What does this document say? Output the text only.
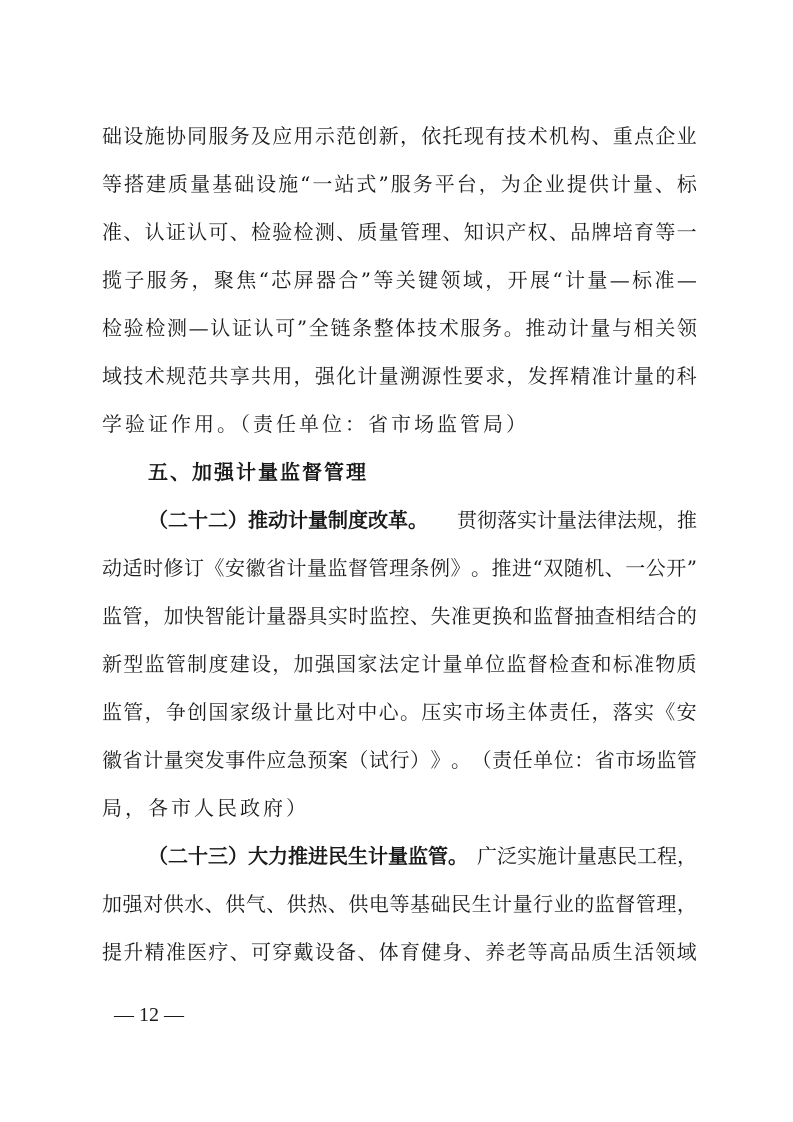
础 设 施 协 同 服 务 及 应 用 示 范 创 新 ， 依 托 现 有 技 术 机 构 、 重 点 企 业
等 搭 建 质 量 基 础 设 施 “ 一 站 式 ” 服 务 平 台 ， 为 企 业 提 供 计 量 、 标
准 、 认 证 认 可 、 检 验 检 测 、 质 量 管 理 、 知 识 产 权 、 品 牌 培 育 等 一
揽 子 服 务 ， 聚 焦 “ 芯 屏 器 合 ” 等 关 键 领 域 ， 开 展 “ 计 量 — 标 准 —
检 验 检 测 — 认 证 认 可 ” 全 链 条 整 体 技 术 服 务 。 推 动 计 量 与 相 关 领
域 技 术 规 范 共 享 共 用 ， 强 化 计 量 溯 源 性 要 求 ， 发 挥 精 准 计 量 的 科
学验证作用。（责任单位：省市场监管局）
五、加强计量监督管理
（二十二）推动计量制度改革。 贯彻落实计量法律法规，推
动 适 时 修 订 《 安 徽 省 计 量 监 督 管 理 条 例 》 。 推 进 “ 双 随 机 、 一 公 开 ”
监 管 ， 加 快 智 能 计 量 器 具 实 时 监 控 、 失 准 更 换 和 监 督 抽 查 相 结 合 的
新 型 监 管 制 度 建 设 ， 加 强 国 家 法 定 计 量 单 位 监 督 检 查 和 标 准 物 质
监 管 ， 争 创 国 家 级 计 量 比 对 中 心 。 压 实 市 场 主 体 责 任 ， 落 实 《 安
徽 省 计 量 突 发 事 件 应 急 预 案 （ 试 行 ） 》 。 （ 责 任 单 位 ： 省 市 场 监 管
局，各市人民政府）
（二十三）大力推进民生计量监管。 广泛实施计量惠民工程，
加 强 对 供 水 、 供 气 、 供 热 、 供 电 等 基 础 民 生 计 量 行 业 的 监 督 管 理 ，
提 升 精 准 医 疗 、 可 穿 戴 设 备 、 体 育 健 身 、 养 老 等 高 品 质 生 活 领 域
— 12 —
